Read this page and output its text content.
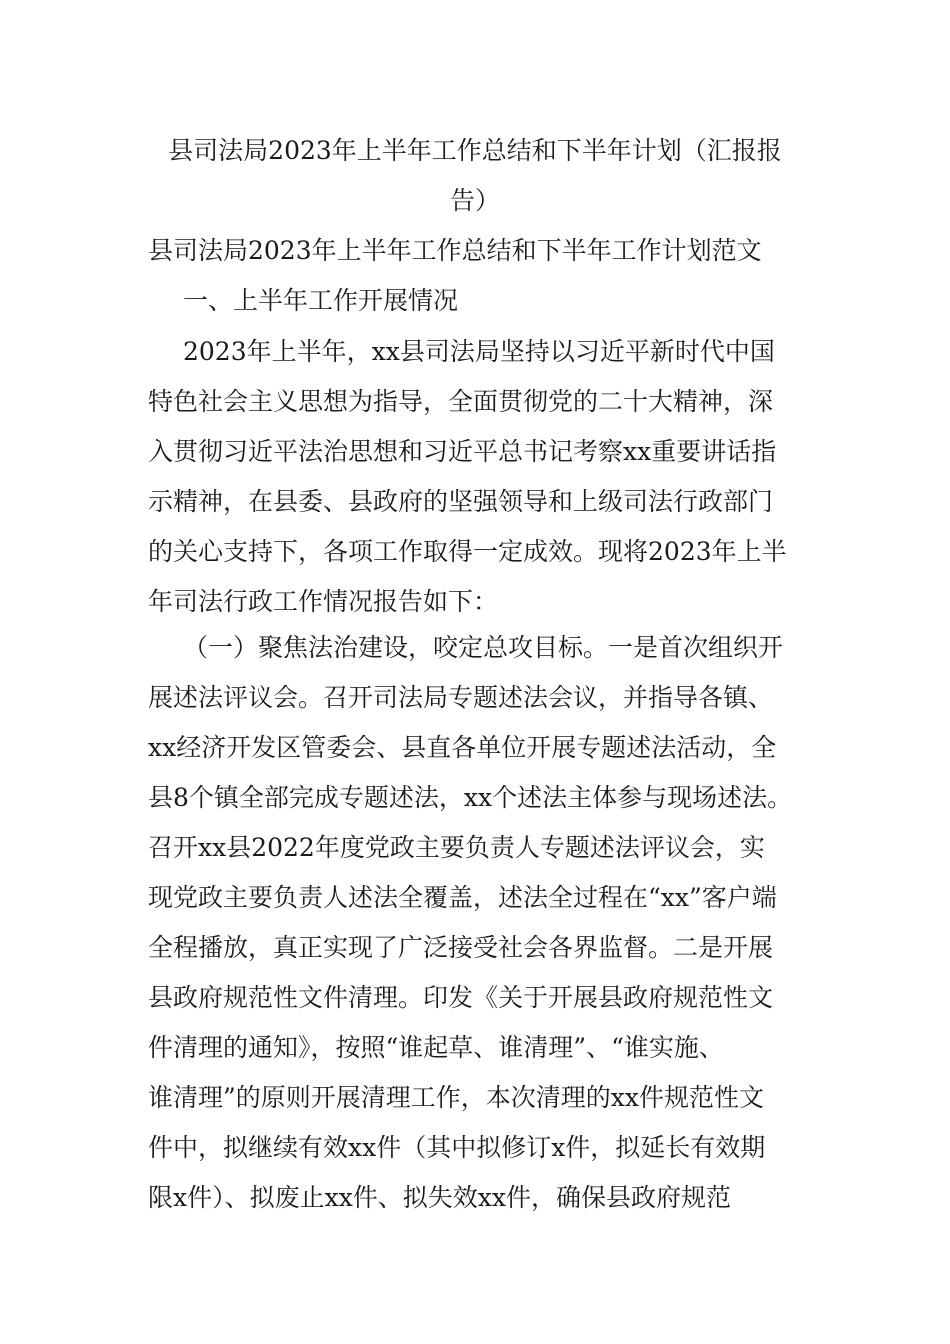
县司法局2023年上半年工作总结和下半年计划（汇报报
告）
县司法局2023年上半年工作总结和下半年工作计划范文
一、上半年工作开展情况
2023年上半年，xx县司法局坚持以习近平新时代中国
特色社会主义思想为指导，全面贯彻党的二十大精神，深
入贯彻习近平法治思想和习近平总书记考察xx重要讲话指
示精神，在县委、县政府的坚强领导和上级司法行政部门
的关心支持下，各项工作取得一定成效。现将2023年上半
年司法行政工作情况报告如下：
（一）聚焦法治建设，咬定总攻目标。一是首次组织开
展述法评议会。召开司法局专题述法会议，并指导各镇、
xx经济开发区管委会、县直各单位开展专题述法活动，全
县8个镇全部完成专题述法，xx个述法主体参与现场述法。
召开xx县2022年度党政主要负责人专题述法评议会，实
现党政主要负责人述法全覆盖，述法全过程在“xx”客户端
全程播放，真正实现了广泛接受社会各界监督。二是开展
县政府规范性文件清理。印发《关于开展县政府规范性文
件清理的通知》，按照“谁起草、谁清理”、“谁实施、
谁清理”的原则开展清理工作，本次清理的xx件规范性文
件中，拟继续有效xx件（其中拟修订x件，拟延长有效期
限x件）、拟废止xx件、拟失效xx件，确保县政府规范
